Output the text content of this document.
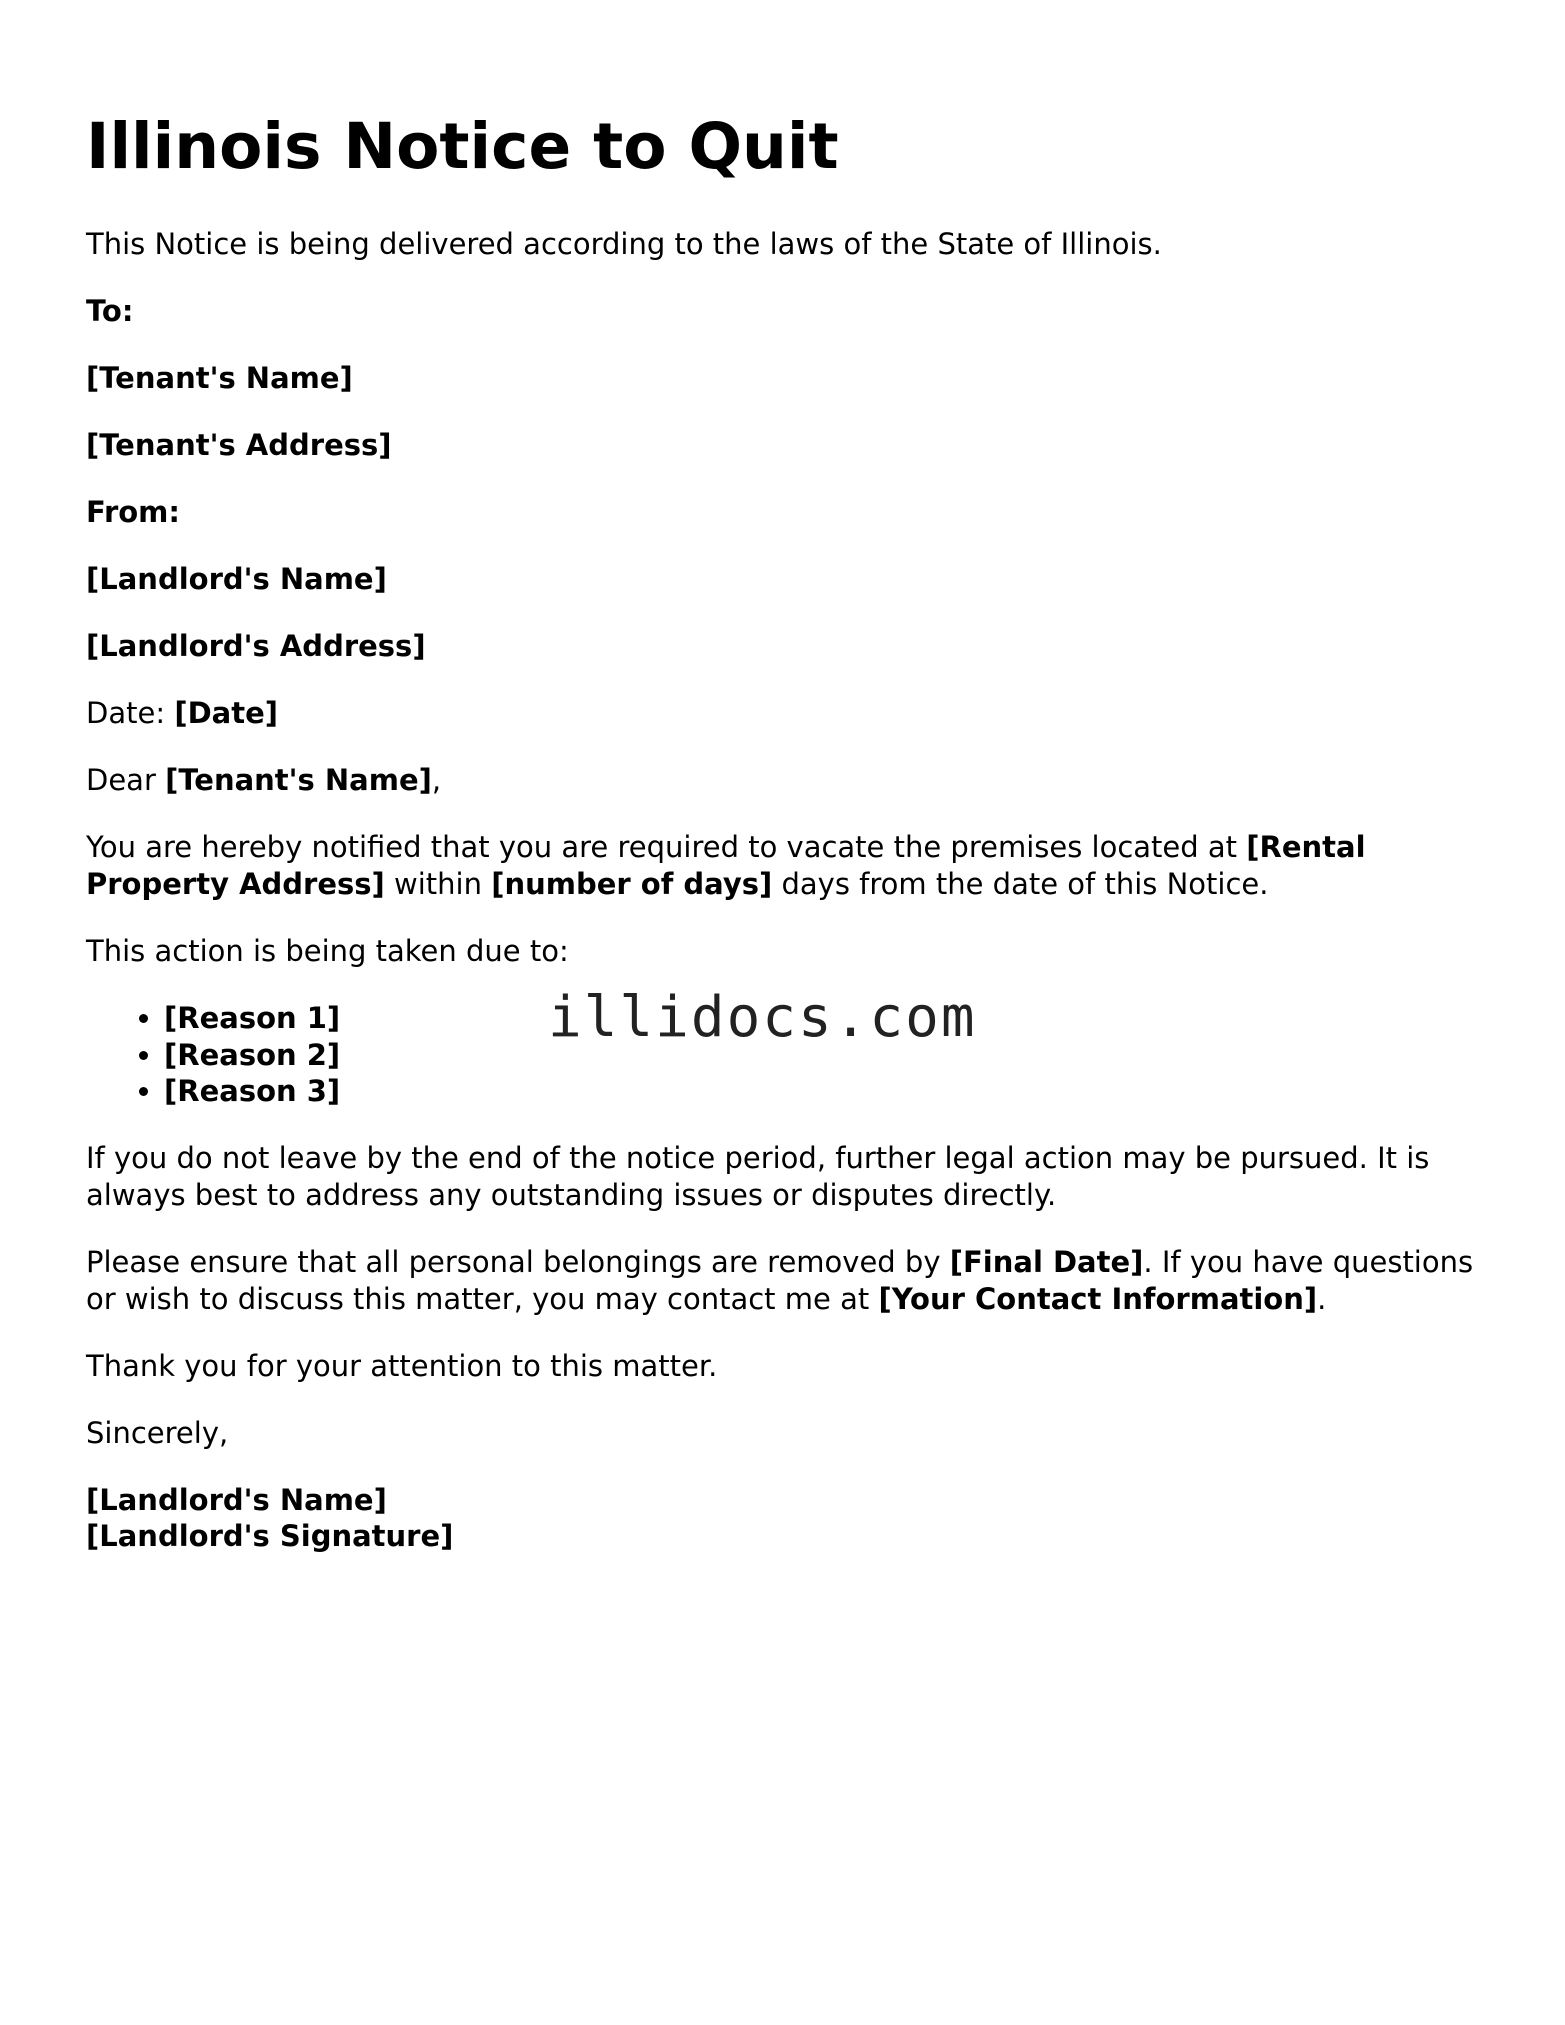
Illinois Notice to Quit

This Notice is being delivered according to the laws of the State of Illinois.

To:

[Tenant's Name]

[Tenant's Address]

From:

[Landlord's Name]

[Landlord's Address]

Date: [Date]

Dear [Tenant's Name],

You are hereby notified that you are required to vacate the premises located at [Rental Property Address] within [number of days] days from the date of this Notice.

This action is being taken due to:

• [Reason 1]
• [Reason 2]
• [Reason 3]

If you do not leave by the end of the notice period, further legal action may be pursued. It is always best to address any outstanding issues or disputes directly.

Please ensure that all personal belongings are removed by [Final Date]. If you have questions or wish to discuss this matter, you may contact me at [Your Contact Information].

Thank you for your attention to this matter.

Sincerely,

[Landlord's Name]
[Landlord's Signature]
illidocs.com
